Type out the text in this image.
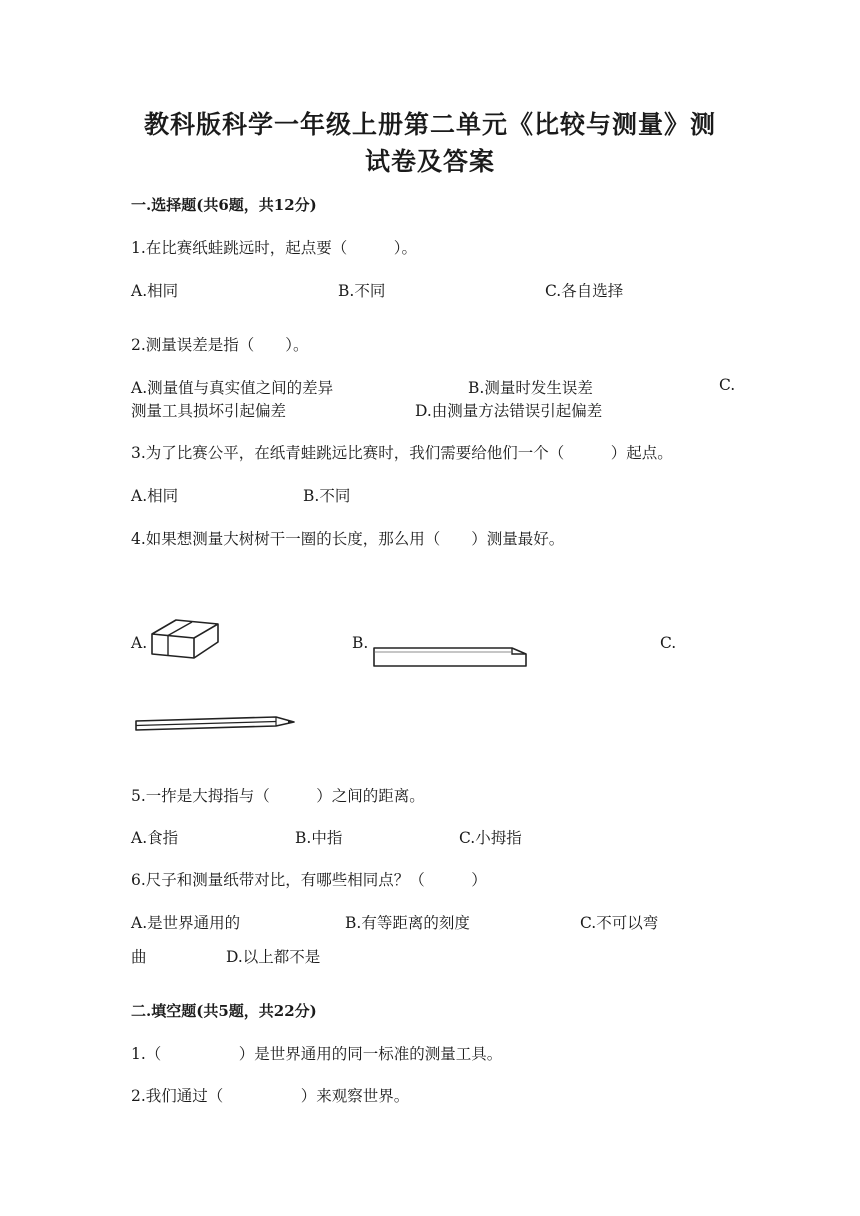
教科版科学一年级上册第二单元《比较与测量》测
试卷及答案
一.选择题(共6题，共12分)
1.在比赛纸蛙跳远时，起点要（　　　）。
A.相同	B.不同	C.各自选择
2.测量误差是指（　　）。
A.测量值与真实值之间的差异	B.测量时发生误差	C.
测量工具损坏引起偏差	D.由测量方法错误引起偏差
3.为了比赛公平，在纸青蛙跳远比赛时，我们需要给他们一个（　　　）起点。
A.相同	B.不同
4.如果想测量大树树干一圈的长度，那么用（　　）测量最好。
A.	B.	C.
5.一拃是大拇指与（　　　）之间的距离。
A.食指	B.中指	C.小拇指
6.尺子和测量纸带对比，有哪些相同点？（　　　）
A.是世界通用的	B.有等距离的刻度	C.不可以弯
曲	D.以上都不是
二.填空题(共5题，共22分)
1.（　　　　　）是世界通用的同一标准的测量工具。
2.我们通过（　　　　　）来观察世界。
